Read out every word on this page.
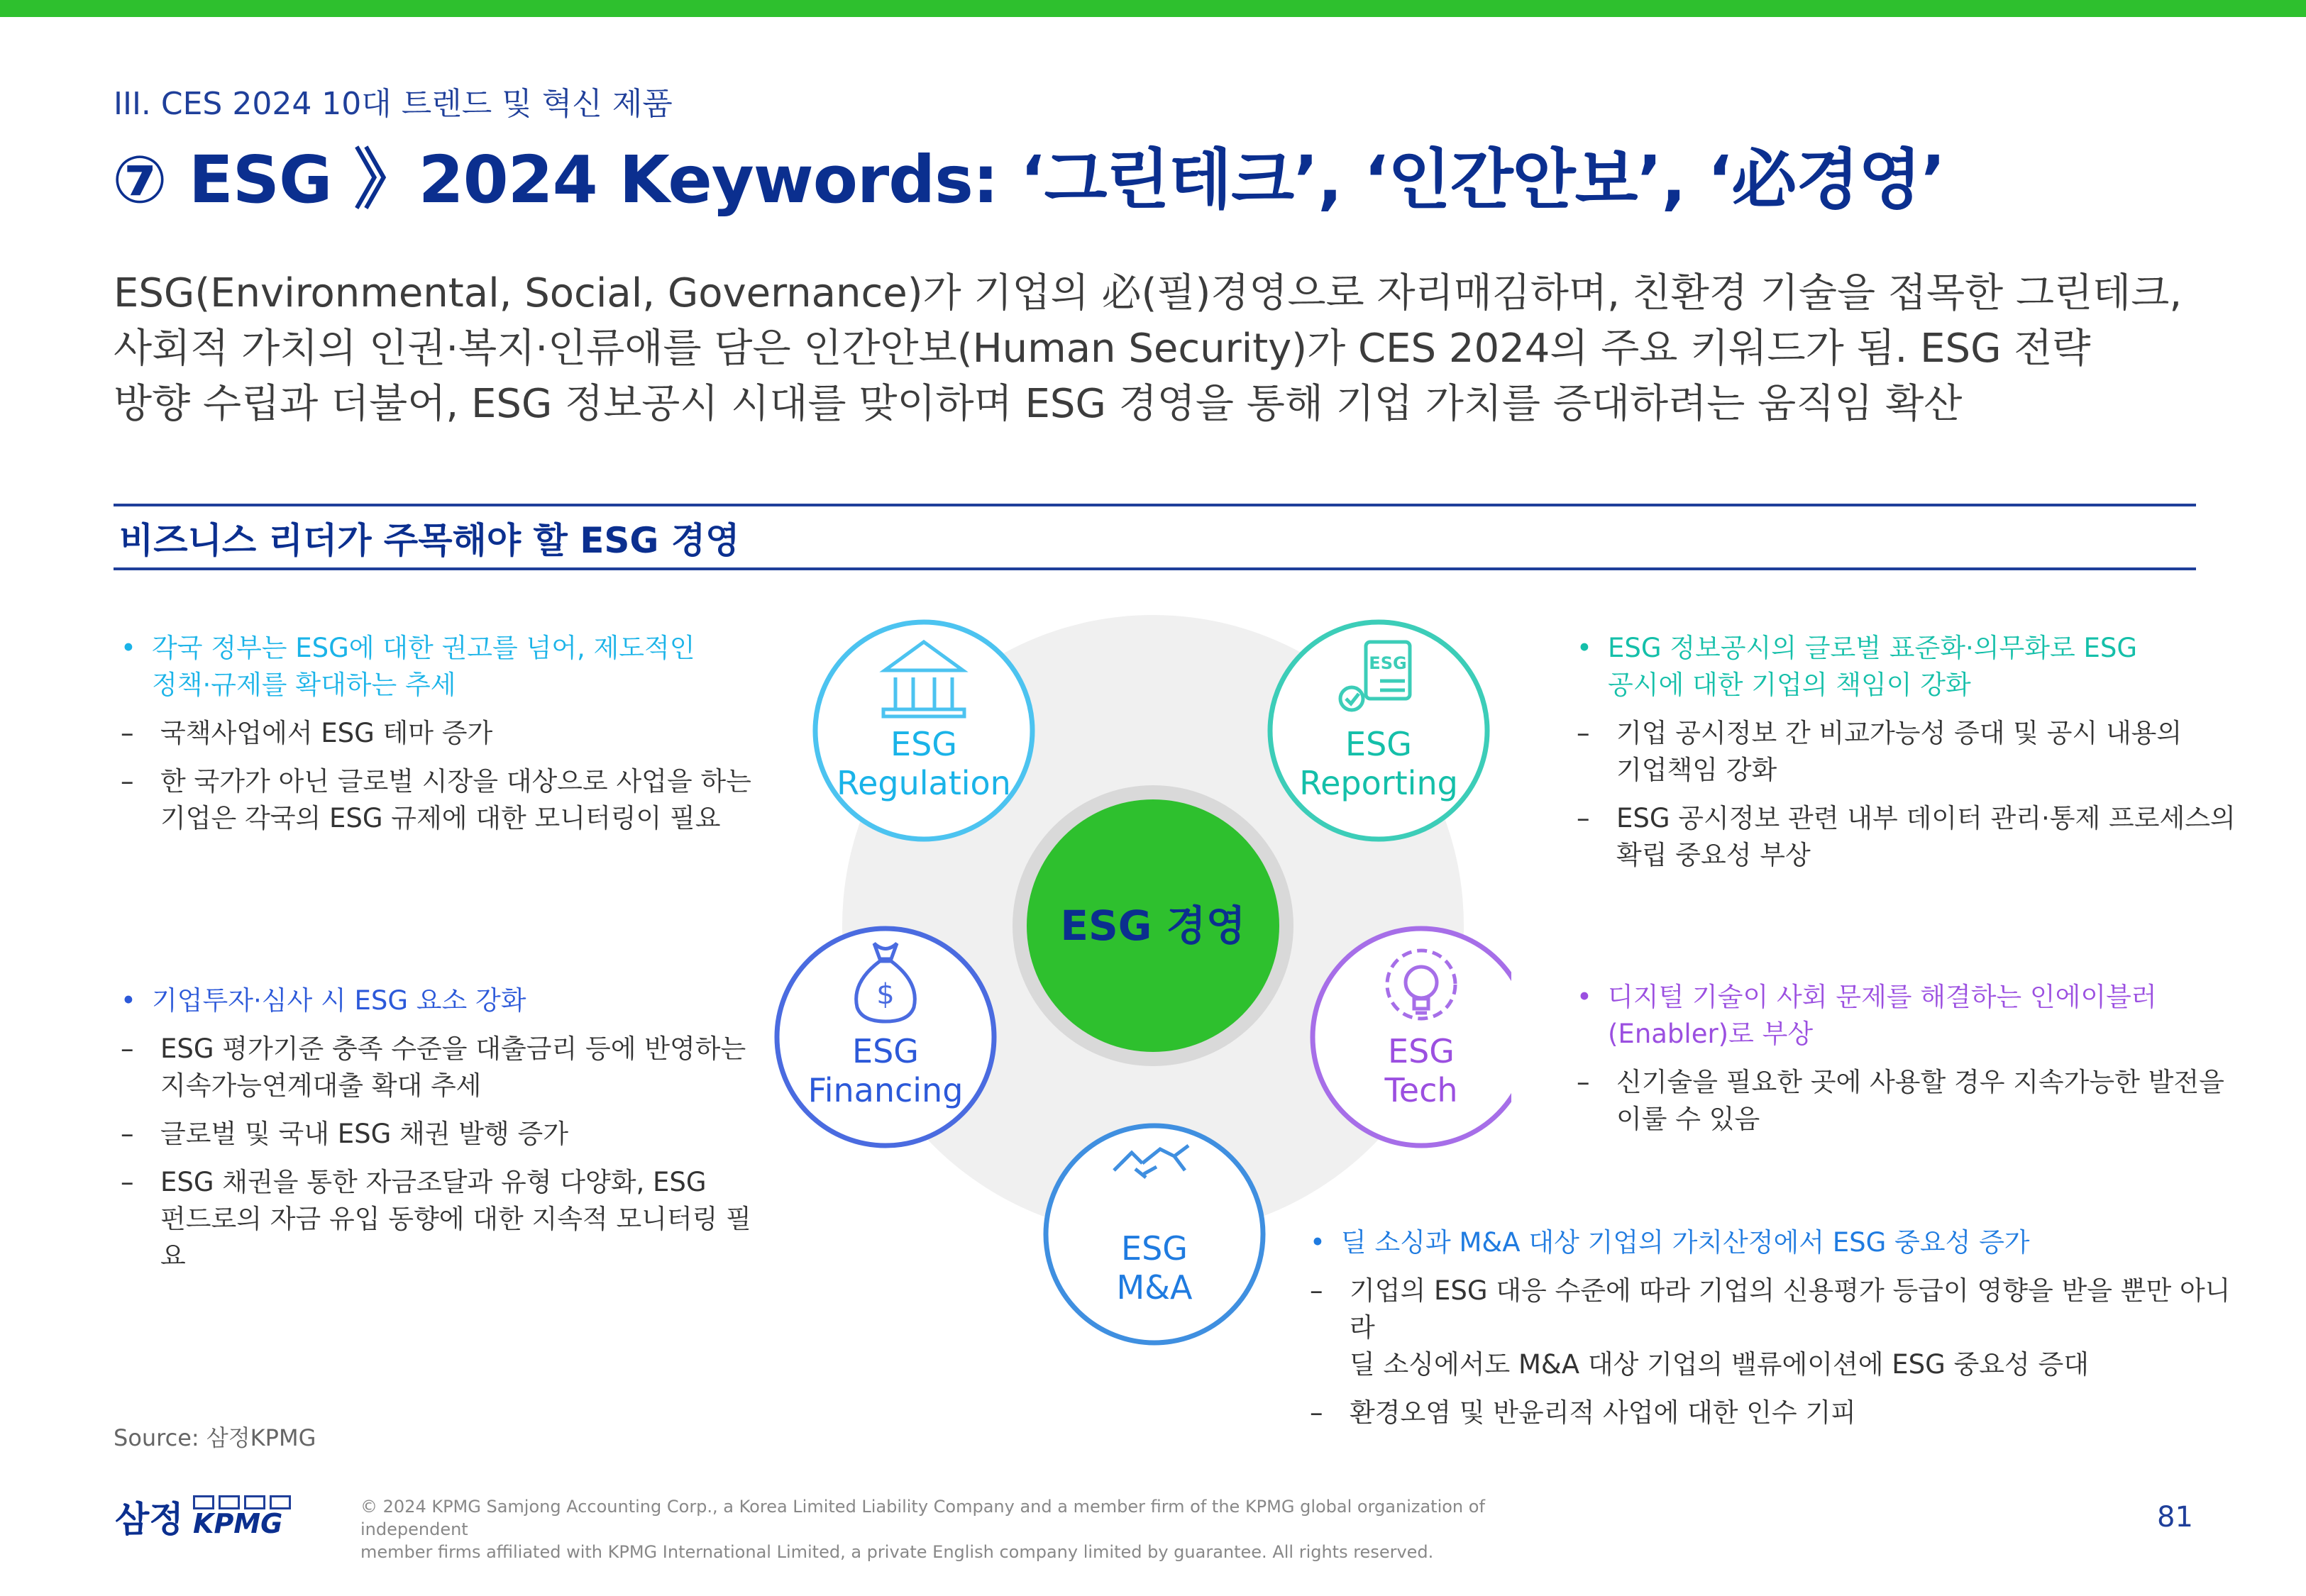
III. CES 2024 10대 트렌드 및 혁신 제품
⑦ ESG 》2024 Keywords: ‘그린테크’, ‘인간안보’, ‘必경영’
ESG(Environmental, Social, Governance)가 기업의 必(필)경영으로 자리매김하며, 친환경 기술을 접목한 그린테크,
사회적 가치의 인권·복지·인류애를 담은 인간안보(Human Security)가 CES 2024의 주요 키워드가 됨. ESG 전략
방향 수립과 더불어, ESG 정보공시 시대를 맞이하며 ESG 경영을 통해 기업 가치를 증대하려는 움직임 확산
비즈니스 리더가 주목해야 할 ESG 경영
ESG 경영
ESG
Regulation
ESG
ESG
Reporting
$
ESG
Financing
ESG
Tech
ESG
M&A
• 각국 정부는 ESG에 대한 권고를 넘어, 제도적인
정책·규제를 확대하는 추세
– 국책사업에서 ESG 테마 증가
– 한 국가가 아닌 글로벌 시장을 대상으로 사업을 하는
기업은 각국의 ESG 규제에 대한 모니터링이 필요
• 기업투자·심사 시 ESG 요소 강화
– ESG 평가기준 충족 수준을 대출금리 등에 반영하는
지속가능연계대출 확대 추세
– 글로벌 및 국내 ESG 채권 발행 증가
– ESG 채권을 통한 자금조달과 유형 다양화, ESG
펀드로의 자금 유입 동향에 대한 지속적 모니터링 필요
• ESG 정보공시의 글로벌 표준화·의무화로 ESG
공시에 대한 기업의 책임이 강화
– 기업 공시정보 간 비교가능성 증대 및 공시 내용의
기업책임 강화
– ESG 공시정보 관련 내부 데이터 관리·통제 프로세스의
확립 중요성 부상
• 디지털 기술이 사회 문제를 해결하는 인에이블러
(Enabler)로 부상
– 신기술을 필요한 곳에 사용할 경우 지속가능한 발전을
이룰 수 있음
• 딜 소싱과 M&A 대상 기업의 가치산정에서 ESG 중요성 증가
– 기업의 ESG 대응 수준에 따라 기업의 신용평가 등급이 영향을 받을 뿐만 아니라
딜 소싱에서도 M&A 대상 기업의 밸류에이션에 ESG 중요성 증대
– 환경오염 및 반윤리적 사업에 대한 인수 기피
Source: 삼정KPMG
삼정 KPMG
© 2024 KPMG Samjong Accounting Corp., a Korea Limited Liability Company and a member firm of the KPMG global organization of independent
member firms affiliated with KPMG International Limited, a private English company limited by guarantee. All rights reserved.
81
